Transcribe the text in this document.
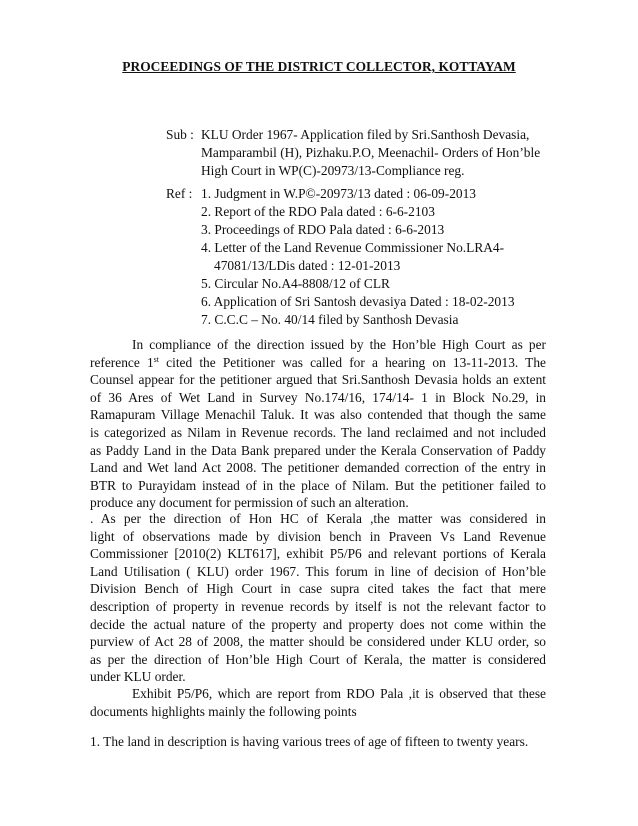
PROCEEDINGS OF THE DISTRICT COLLECTOR, KOTTAYAM
Sub : KLU Order 1967- Application filed by Sri.Santhosh Devasia,
Mamparambil (H), Pizhaku.P.O, Meenachil- Orders of Hon’ble
High Court in WP(C)-20973/13-Compliance reg.
Ref : 1. Judgment in W.P©-20973/13 dated : 06-09-2013
2. Report of the RDO Pala dated : 6-6-2103
3. Proceedings of RDO Pala dated : 6-6-2013
4. Letter of the Land Revenue Commissioner No.LRA4-
47081/13/LDis dated : 12-01-2013
5. Circular No.A4-8808/12 of CLR
6. Application of Sri Santosh devasiya Dated : 18-02-2013
7. C.C.C – No. 40/14 filed by Santhosh Devasia
In compliance of the direction issued by the Hon’ble High Court as per
reference 1st cited the Petitioner was called for a hearing on 13-11-2013. The
Counsel appear for the petitioner argued that Sri.Santhosh Devasia holds an extent
of 36 Ares of Wet Land in Survey No.174/16, 174/14- 1 in Block No.29, in
Ramapuram Village Menachil Taluk. It was also contended that though the same
is categorized as Nilam in Revenue records. The land reclaimed and not included
as Paddy Land in the Data Bank prepared under the Kerala Conservation of Paddy
Land and Wet land Act 2008. The petitioner demanded correction of the entry in
BTR to Purayidam instead of in the place of Nilam. But the petitioner failed to
produce any document for permission of such an alteration.
. As per the direction of Hon HC of Kerala ,the matter was considered in
light of observations made by division bench in Praveen Vs Land Revenue
Commissioner [2010(2) KLT617], exhibit P5/P6 and relevant portions of Kerala
Land Utilisation ( KLU) order 1967. This forum in line of decision of Hon’ble
Division Bench of High Court in case supra cited takes the fact that mere
description of property in revenue records by itself is not the relevant factor to
decide the actual nature of the property and property does not come within the
purview of Act 28 of 2008, the matter should be considered under KLU order, so
as per the direction of Hon’ble High Court of Kerala, the matter is considered
under KLU order.
Exhibit P5/P6, which are report from RDO Pala ,it is observed that these
documents highlights mainly the following points
1. The land in description is having various trees of age of fifteen to twenty years.
